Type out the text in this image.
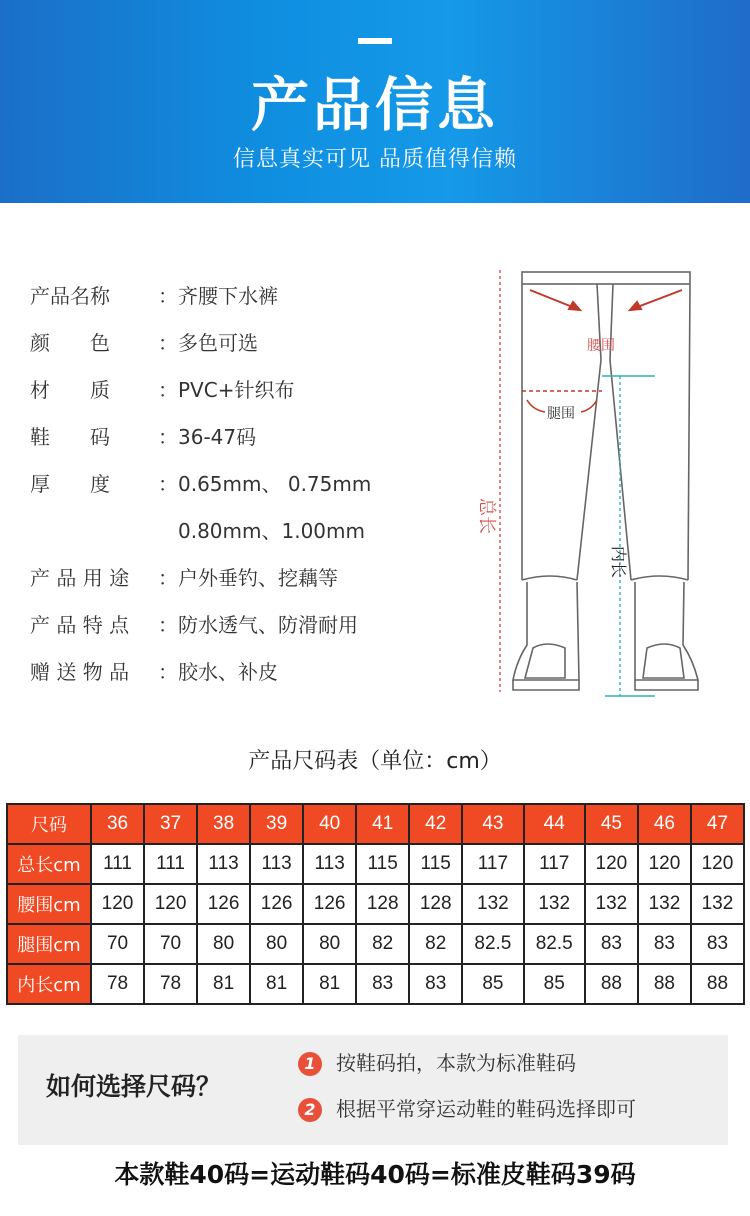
产品信息
信息真实可见 品质值得信赖
产品名称 ：齐腰下水裤
颜　　色 ：多色可选
材　　质 ：PVC+针织布
鞋　　码 ：36-47码
厚　　度 ：0.65mm、 0.75mm
0.80mm、1.00mm
产 品 用 途 ：户外垂钓、挖藕等
产 品 特 点 ：防水透气、防滑耐用
赠 送 物 品 ：胶水、补皮
总长
腰围
腿围
内长
产品尺码表（单位：cm）
尺码	36	37	38	39	40	41	42	43	44	45	46	47
总长cm	111	111	113	113	113	115	115	117	117	120	120	120
腰围cm	120	120	126	126	126	128	128	132	132	132	132	132
腿围cm	70	70	80	80	80	82	82	82.5	82.5	83	83	83
内长cm	78	78	81	81	81	83	83	85	85	88	88	88
如何选择尺码？
1 按鞋码拍，本款为标准鞋码
2 根据平常穿运动鞋的鞋码选择即可
本款鞋40码=运动鞋码40码=标准皮鞋码39码
